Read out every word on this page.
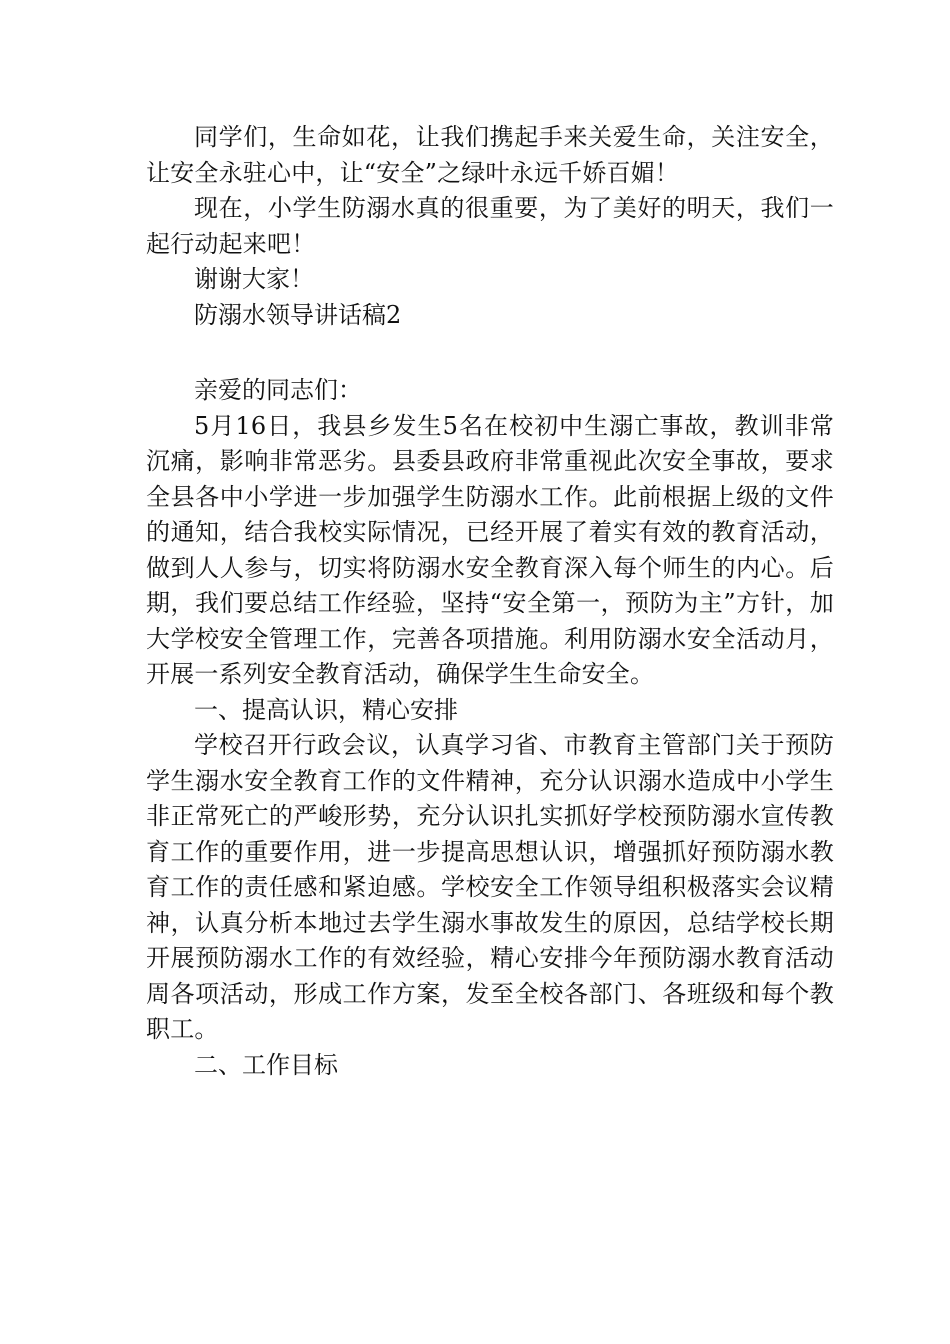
同学们，生命如花，让我们携起手来关爱生命，关注安全，让安全永驻心中，让“安全”之绿叶永远千娇百媚！

现在，小学生防溺水真的很重要，为了美好的明天，我们一起行动起来吧！

谢谢大家！

防溺水领导讲话稿2

亲爱的同志们：

5月16日，我县乡发生5名在校初中生溺亡事故，教训非常沉痛，影响非常恶劣。县委县政府非常重视此次安全事故，要求全县各中小学进一步加强学生防溺水工作。此前根据上级的文件的通知，结合我校实际情况，已经开展了着实有效的教育活动，做到人人参与，切实将防溺水安全教育深入每个师生的内心。后期，我们要总结工作经验，坚持“安全第一，预防为主”方针，加大学校安全管理工作，完善各项措施。利用防溺水安全活动月，开展一系列安全教育活动，确保学生生命安全。

一、提高认识，精心安排

学校召开行政会议，认真学习省、市教育主管部门关于预防学生溺水安全教育工作的文件精神，充分认识溺水造成中小学生非正常死亡的严峻形势，充分认识扎实抓好学校预防溺水宣传教育工作的重要作用，进一步提高思想认识，增强抓好预防溺水教育工作的责任感和紧迫感。学校安全工作领导组积极落实会议精神，认真分析本地过去学生溺水事故发生的原因，总结学校长期开展预防溺水工作的有效经验，精心安排今年预防溺水教育活动周各项活动，形成工作方案，发至全校各部门、各班级和每个教职工。

二、工作目标
